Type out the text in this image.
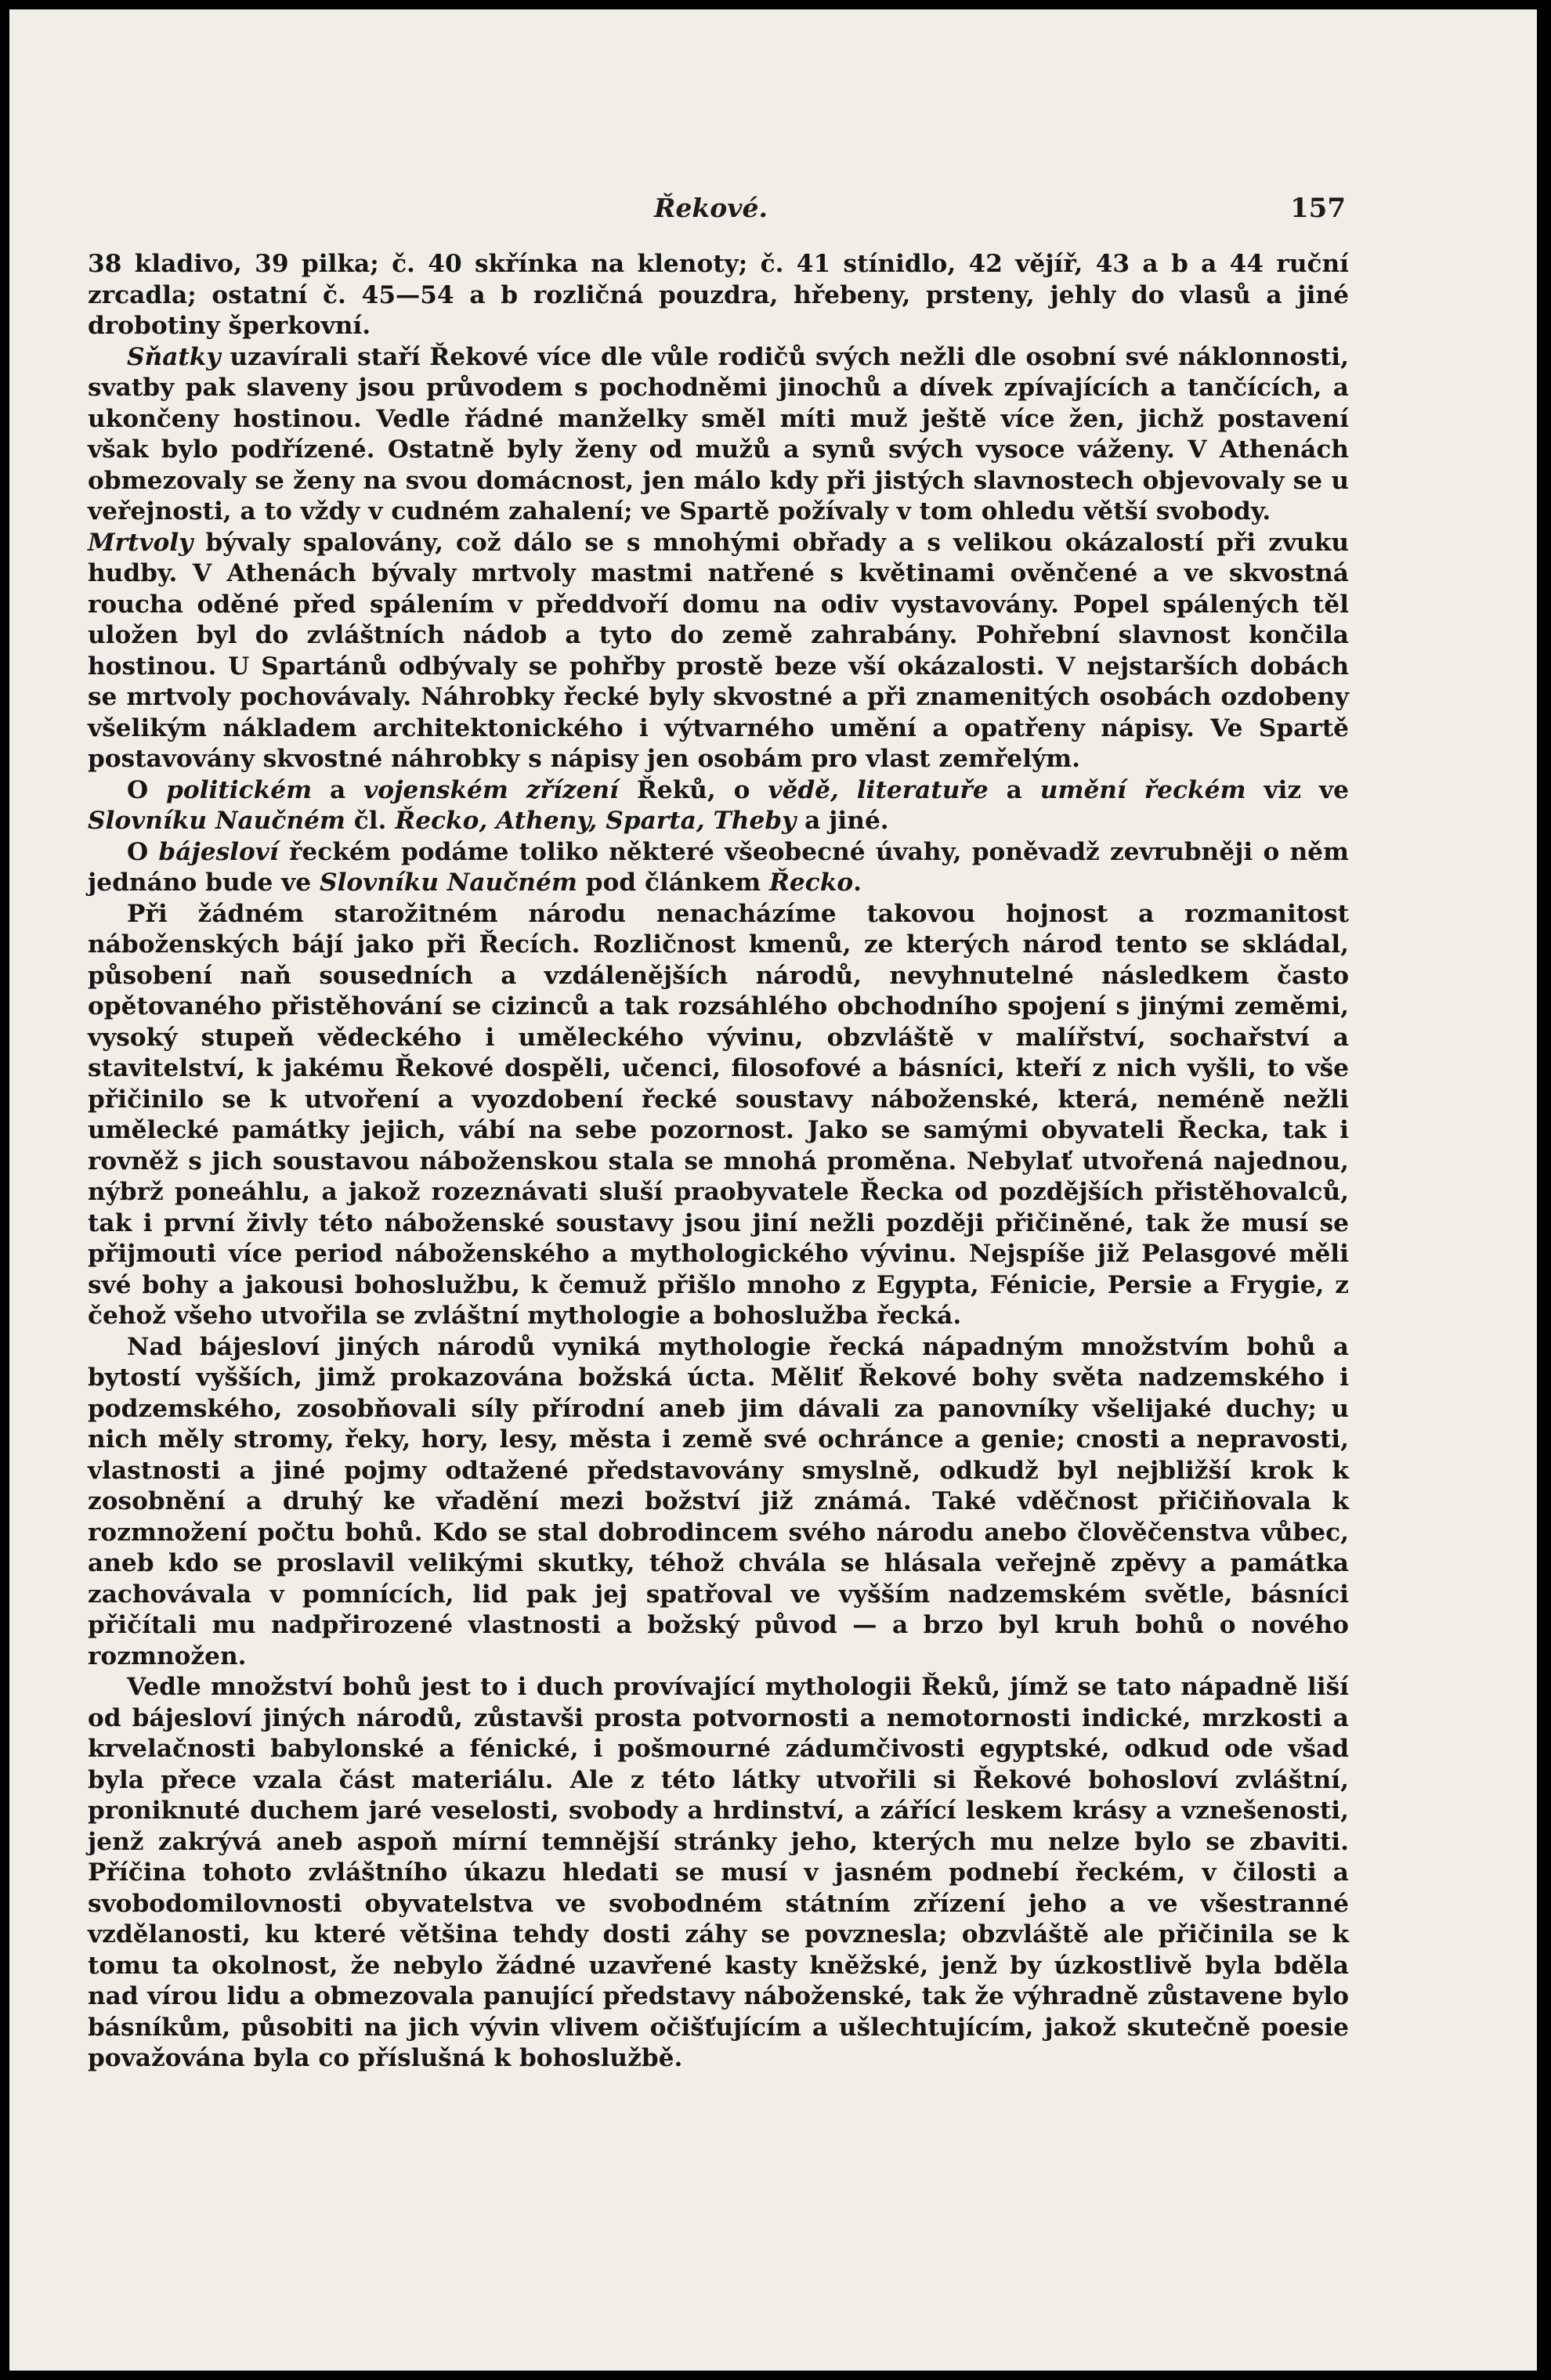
Řekové.	157

38 kladivo, 39 pilka; č. 40 skřínka na klenoty; č. 41 stínidlo, 42 vějíř, 43 a b a 44 ruční zrcadla; ostatní č. 45—54 a b rozličná pouzdra, hřebeny, prsteny, jehly do vlasů a jiné drobotiny šperkovní.

Sňatky uzavírali staří Řekové více dle vůle rodičů svých nežli dle osobní své náklonnosti, svatby pak slaveny jsou průvodem s pochodněmi jinochů a dívek zpívajících a tančících, a ukončeny hostinou. Vedle řádné manželky směl míti muž ještě více žen, jichž postavení však bylo podřízené. Ostatně byly ženy od mužů a synů svých vysoce váženy. V Athenách obmezovaly se ženy na svou domácnost, jen málo kdy při jistých slavnostech objevovaly se u veřejnosti, a to vždy v cudném zahalení; ve Spartě požívaly v tom ohledu větší svobody.

Mrtvoly bývaly spalovány, což dálo se s mnohými obřady a s velikou okázalostí při zvuku hudby. V Athenách bývaly mrtvoly mastmi natřené s květinami ověnčené a ve skvostná roucha oděné před spálením v předdvoří domu na odiv vystavovány. Popel spálených těl uložen byl do zvláštních nádob a tyto do země zahrabány. Pohřební slavnost končila hostinou. U Spartánů odbývaly se pohřby prostě beze vší okázalosti. V nejstarších dobách se mrtvoly pochovávaly. Náhrobky řecké byly skvostné a při znamenitých osobách ozdobeny všelikým nákladem architektonického i výtvarného umění a opatřeny nápisy. Ve Spartě postavovány skvostné náhrobky s nápisy jen osobám pro vlast zemřelým.

O politickém a vojenském zřízení Řeků, o vědě, literatuře a umění řeckém viz ve Slovníku Naučném čl. Řecko, Atheny, Sparta, Theby a jiné.

O bájesloví řeckém podáme toliko některé všeobecné úvahy, poněvadž zevrubněji o něm jednáno bude ve Slovníku Naučném pod článkem Řecko.

Při žádném starožitném národu nenacházíme takovou hojnost a rozmanitost náboženských bájí jako při Řecích. Rozličnost kmenů, ze kterých národ tento se skládal, působení naň sousedních a vzdálenějších národů, nevyhnutelné následkem často opětovaného přistěhování se cizinců a tak rozsáhlého obchodního spojení s jinými zeměmi, vysoký stupeň vědeckého i uměleckého vývinu, obzvláště v malířství, sochařství a stavitelství, k jakému Řekové dospěli, učenci, filosofové a básníci, kteří z nich vyšli, to vše přičinilo se k utvoření a vyozdobení řecké soustavy náboženské, která, neméně nežli umělecké památky jejich, vábí na sebe pozornost. Jako se samými obyvateli Řecka, tak i rovněž s jich soustavou náboženskou stala se mnohá proměna. Nebylať utvořená najednou, nýbrž poneáhlu, a jakož rozeznávati sluší praobyvatele Řecka od pozdějších přistěhovalců, tak i první živly této náboženské soustavy jsou jiní nežli později přičiněné, tak že musí se přijmouti více period náboženského a mythologického vývinu. Nejspíše již Pelasgové měli své bohy a jakousi bohoslužbu, k čemuž přišlo mnoho z Egypta, Fénicie, Persie a Frygie, z čehož všeho utvořila se zvláštní mythologie a bohoslužba řecká.

Nad bájesloví jiných národů vyniká mythologie řecká nápadným množstvím bohů a bytostí vyšších, jimž prokazována božská úcta. Měliť Řekové bohy světa nadzemského i podzemského, zosobňovali síly přírodní aneb jim dávali za panovníky všelijaké duchy; u nich měly stromy, řeky, hory, lesy, města i země své ochránce a genie; cnosti a nepravosti, vlastnosti a jiné pojmy odtažené představovány smyslně, odkudž byl nejbližší krok k zosobnění a druhý ke vřadění mezi božství již známá. Také vděčnost přičiňovala k rozmnožení počtu bohů. Kdo se stal dobrodincem svého národu anebo člověčenstva vůbec, aneb kdo se proslavil velikými skutky, téhož chvála se hlásala veřejně zpěvy a památka zachovávala v pomnících, lid pak jej spatřoval ve vyšším nadzemském světle, básníci přičítali mu nadpřirozené vlastnosti a božský původ — a brzo byl kruh bohů o nového rozmnožen.

Vedle množství bohů jest to i duch provívající mythologii Řeků, jímž se tato nápadně liší od bájesloví jiných národů, zůstavši prosta potvornosti a nemotornosti indické, mrzkosti a krvelačnosti babylonské a fénické, i pošmourné zádumčivosti egyptské, odkud ode všad byla přece vzala část materiálu. Ale z této látky utvořili si Řekové bohosloví zvláštní, proniknuté duchem jaré veselosti, svobody a hrdinství, a zářící leskem krásy a vznešenosti, jenž zakrývá aneb aspoň mírní temnější stránky jeho, kterých mu nelze bylo se zbaviti. Příčina tohoto zvláštního úkazu hledati se musí v jasném podnebí řeckém, v čilosti a svobodomilovnosti obyvatelstva ve svobodném státním zřízení jeho a ve všestranné vzdělanosti, ku které většina tehdy dosti záhy se povznesla; obzvláště ale přičinila se k tomu ta okolnost, že nebylo žádné uzavřené kasty kněžské, jenž by úzkostlivě byla bděla nad vírou lidu a obmezovala panující představy náboženské, tak že výhradně zůstavene bylo básníkům, působiti na jich vývin vlivem očišťujícím a ušlechtujícím, jakož skutečně poesie považována byla co příslušná k bohoslužbě.
